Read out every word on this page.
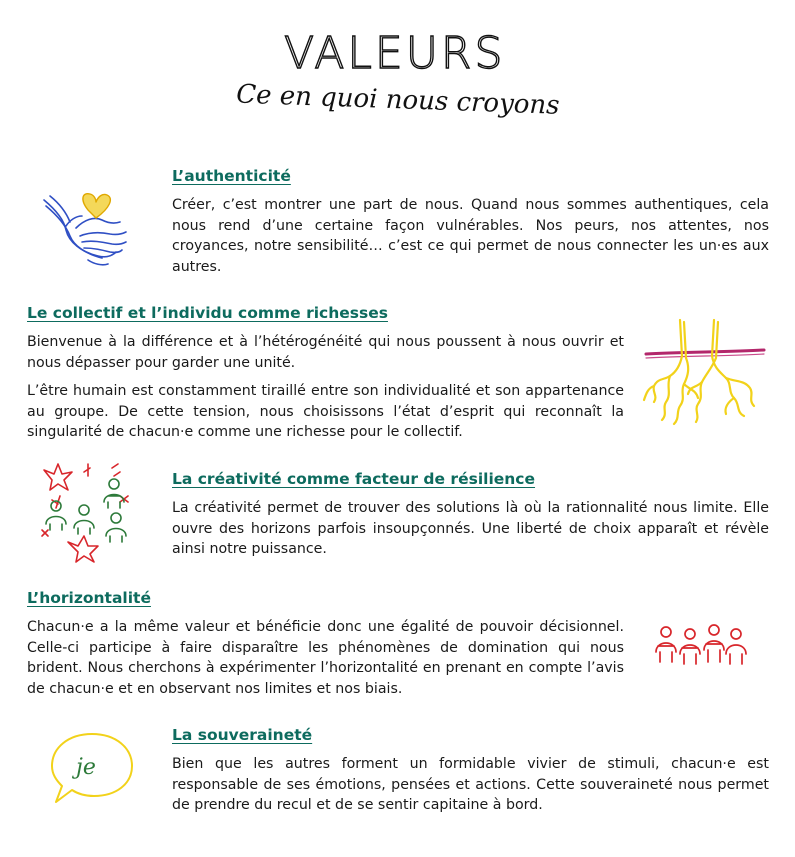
VALEURS
Ce en quoi nous croyons
L’authenticité

Créer, c’est montrer une part de nous. Quand nous sommes authentiques, cela nous rend d’une certaine façon vulnérables. Nos peurs, nos attentes, nos croyances, notre sensibilité… c’est ce qui permet de nous connecter les un·es aux autres.

Le collectif et l’individu comme richesses

Bienvenue à la différence et à l’hétérogénéité qui nous poussent à nous ouvrir et nous dépasser pour garder une unité.

L’être humain est constamment tiraillé entre son individualité et son appartenance au groupe. De cette tension, nous choisissons l’état d’esprit qui reconnaît la singularité de chacun·e comme une richesse pour le collectif.

La créativité comme facteur de résilience

La créativité permet de trouver des solutions là où la rationnalité nous limite. Elle ouvre des horizons parfois insoupçonnés. Une liberté de choix apparaît et révèle ainsi notre puissance.

L’horizontalité

Chacun·e a la même valeur et bénéficie donc une égalité de pouvoir décisionnel. Celle-ci participe à faire disparaître les phénomènes de domination qui nous brident. Nous cherchons à expérimenter l’horizontalité en prenant en compte l’avis de chacun·e et en observant nos limites et nos biais.

je
La souveraineté

Bien que les autres forment un formidable vivier de stimuli, chacun·e est responsable de ses émotions, pensées et actions. Cette souveraineté nous permet de prendre du recul et de se sentir capitaine à bord.
